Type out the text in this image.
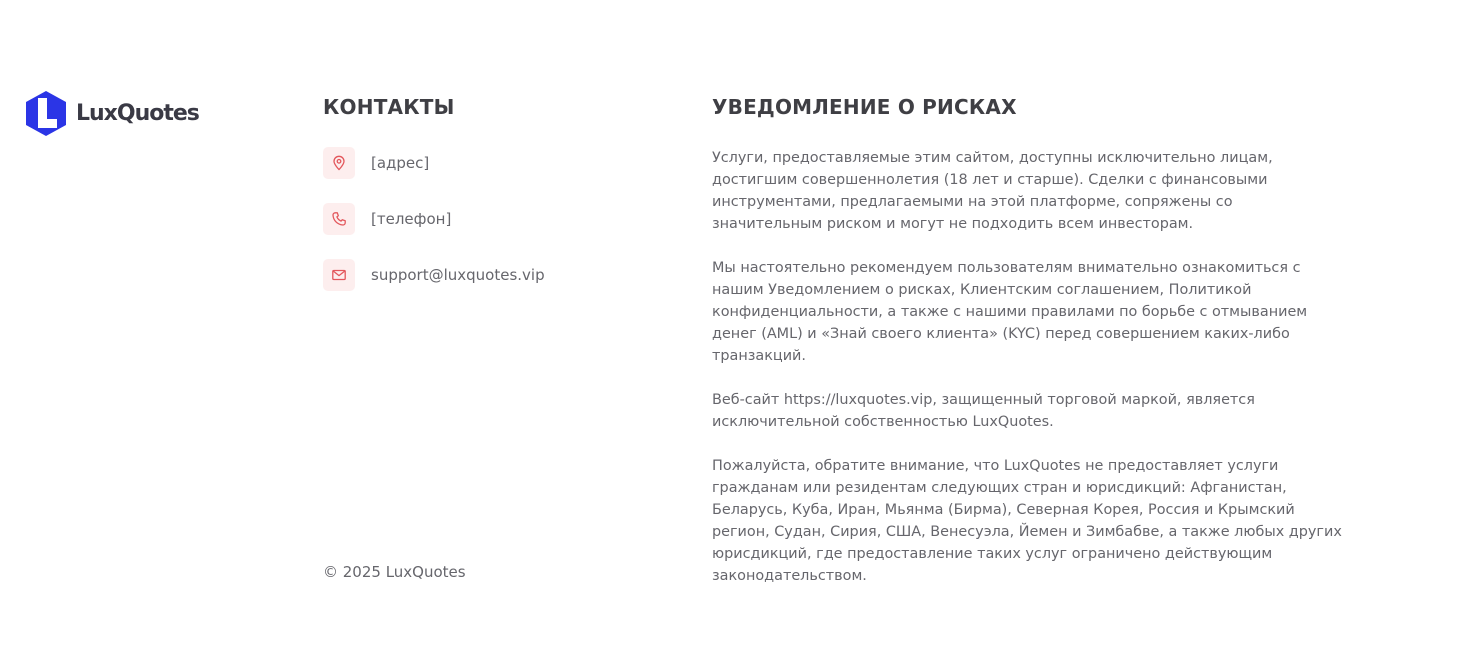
LuxQuotes	КОНТАКТЫ
[адрес]
[телефон]
support@luxquotes.vip
© 2025 LuxQuotes
УВЕДОМЛЕНИЕ О РИСКАХ

Услуги, предоставляемые этим сайтом, доступны исключительно лицам, достигшим совершеннолетия (18 лет и старше). Сделки с финансовыми инструментами, предлагаемыми на этой платформе, сопряжены со значительным риском и могут не подходить всем инвесторам.

Мы настоятельно рекомендуем пользователям внимательно ознакомиться с нашим Уведомлением о рисках, Клиентским соглашением, Политикой конфиденциальности, а также с нашими правилами по борьбе с отмыванием денег (AML) и «Знай своего клиента» (KYC) перед совершением каких-либо транзакций.

Веб-сайт https://luxquotes.vip, защищенный торговой маркой, является исключительной собственностью LuxQuotes.

Пожалуйста, обратите внимание, что LuxQuotes не предоставляет услуги гражданам или резидентам следующих стран и юрисдикций: Афганистан, Беларусь, Куба, Иран, Мьянма (Бирма), Северная Корея, Россия и Крымский регион, Судан, Сирия, США, Венесуэла, Йемен и Зимбабве, а также любых других юрисдикций, где предоставление таких услуг ограничено действующим законодательством.
